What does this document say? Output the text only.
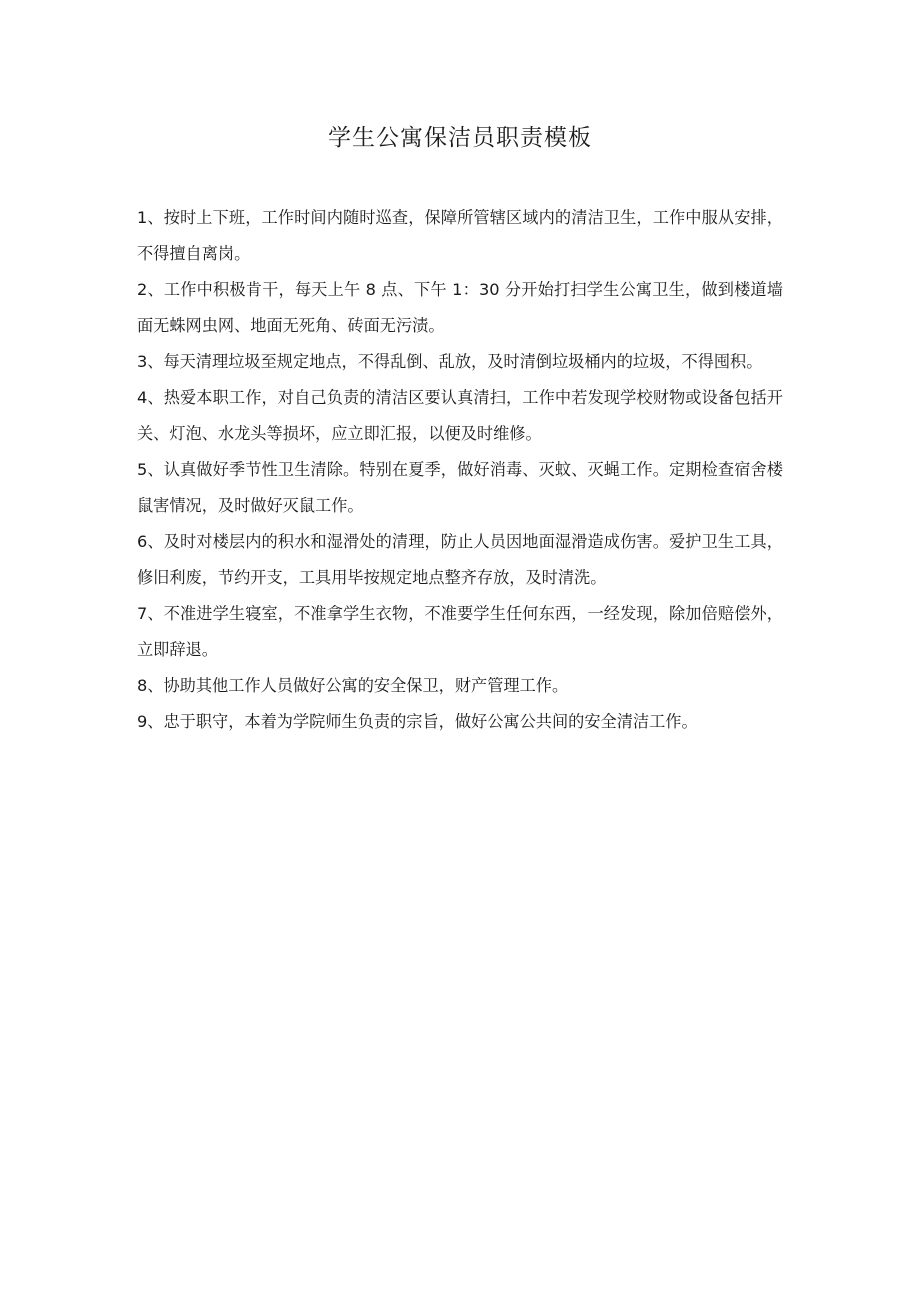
学生公寓保洁员职责模板

1、按时上下班，工作时间内随时巡查，保障所管辖区域内的清洁卫生，工作中服从安排，不得擅自离岗。

2、工作中积极肯干，每天上午 8 点、下午 1：30 分开始打扫学生公寓卫生，做到楼道墙面无蛛网虫网、地面无死角、砖面无污渍。

3、每天清理垃圾至规定地点，不得乱倒、乱放，及时清倒垃圾桶内的垃圾，不得囤积。

4、热爱本职工作，对自己负责的清洁区要认真清扫，工作中若发现学校财物或设备包括开关、灯泡、水龙头等损坏，应立即汇报，以便及时维修。

5、认真做好季节性卫生清除。特别在夏季，做好消毒、灭蚊、灭蝇工作。定期检查宿舍楼鼠害情况，及时做好灭鼠工作。

6、及时对楼层内的积水和湿滑处的清理，防止人员因地面湿滑造成伤害。爱护卫生工具，修旧利废，节约开支，工具用毕按规定地点整齐存放，及时清洗。

7、不准进学生寝室，不准拿学生衣物，不准要学生任何东西，一经发现，除加倍赔偿外，立即辞退。

8、协助其他工作人员做好公寓的安全保卫，财产管理工作。

9、忠于职守，本着为学院师生负责的宗旨，做好公寓公共间的安全清洁工作。
